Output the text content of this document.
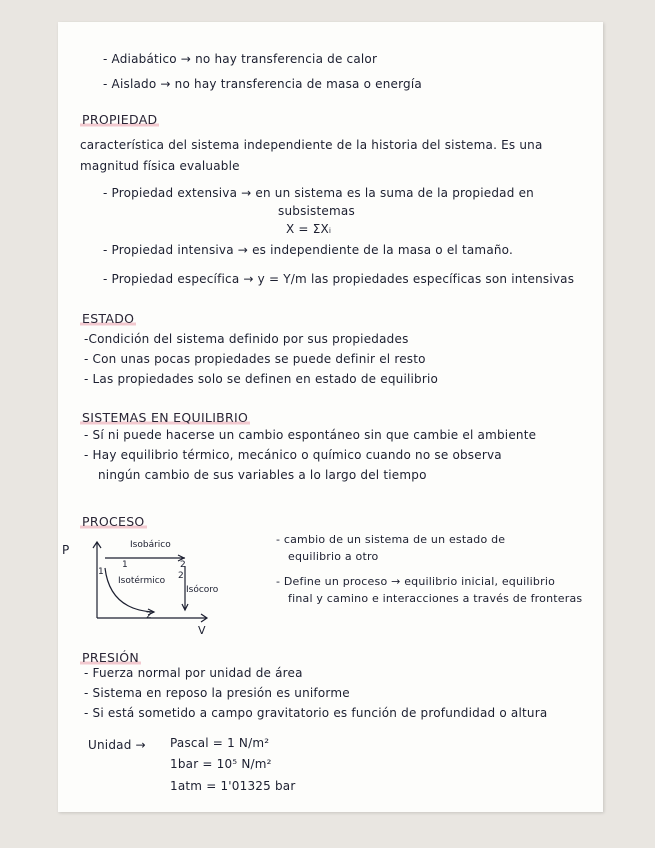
- Adiabático → no hay transferencia de calor
- Aislado → no hay transferencia de masa o energía
PROPIEDAD
característica del sistema independiente de la historia del sistema. Es una
magnitud física evaluable
- Propiedad extensiva → en un sistema es la suma de la propiedad en
subsistemas
X = ΣXᵢ
- Propiedad intensiva → es independiente de la masa o el tamaño.
- Propiedad específica → y = Y/m las propiedades específicas son intensivas
ESTADO
-Condición del sistema definido por sus propiedades
- Con unas pocas propiedades se puede definir el resto
- Las propiedades solo se definen en estado de equilibrio
SISTEMAS EN EQUILIBRIO
- Sí ni puede hacerse un cambio espontáneo sin que cambie el ambiente
- Hay equilibrio térmico, mecánico o químico cuando no se observa
ningún cambio de sus variables a lo largo del tiempo
PROCESO
P
V
Isobárico
Isotérmico
Isócoro
1
1	2
2
2
- cambio de un sistema de un estado de
equilibrio a otro
- Define un proceso → equilibrio inicial, equilibrio
final y camino e interacciones a través de fronteras
PRESIÓN
- Fuerza normal por unidad de área
- Sistema en reposo la presión es uniforme
- Si está sometido a campo gravitatorio es función de profundidad o altura
Unidad → Pascal = 1 N/m²
1bar = 10⁵ N/m²
1atm = 1'01325 bar
